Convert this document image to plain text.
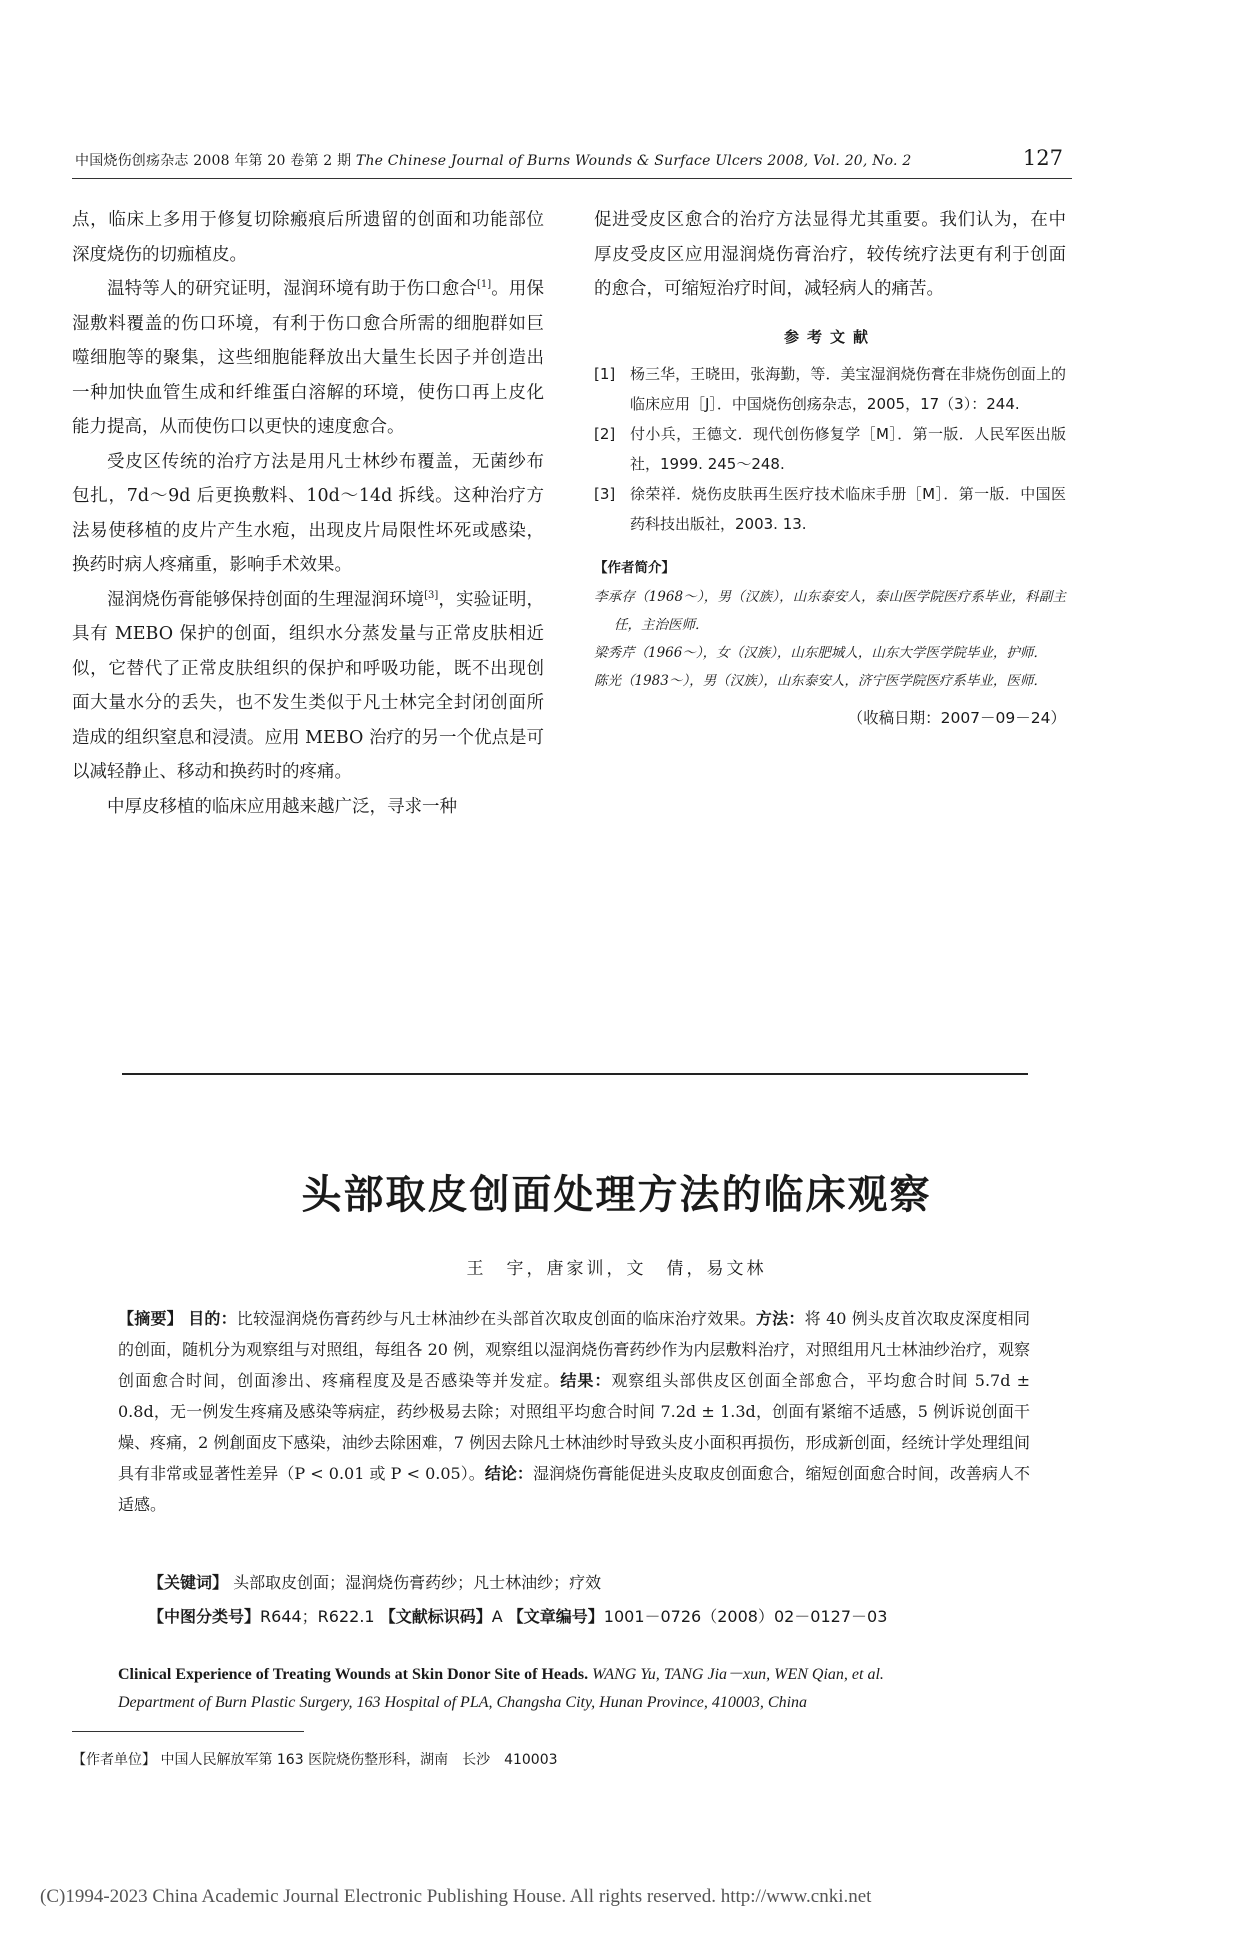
中国烧伤创疡杂志 2008 年第 20 卷第 2 期 The Chinese Journal of Burns Wounds & Surface Ulcers 2008, Vol. 20, No. 2	127

点，临床上多用于修复切除瘢痕后所遗留的创面和功能部位深度烧伤的切痂植皮。

温特等人的研究证明，湿润环境有助于伤口愈合[1]。用保湿敷料覆盖的伤口环境，有利于伤口愈合所需的细胞群如巨噬细胞等的聚集，这些细胞能释放出大量生长因子并创造出一种加快血管生成和纤维蛋白溶解的环境，使伤口再上皮化能力提高，从而使伤口以更快的速度愈合。

受皮区传统的治疗方法是用凡士林纱布覆盖，无菌纱布包扎，7d～9d 后更换敷料、10d～14d 拆线。这种治疗方法易使移植的皮片产生水疱，出现皮片局限性坏死或感染，换药时病人疼痛重，影响手术效果。

湿润烧伤膏能够保持创面的生理湿润环境[3]，实验证明，具有 MEBO 保护的创面，组织水分蒸发量与正常皮肤相近似，它替代了正常皮肤组织的保护和呼吸功能，既不出现创面大量水分的丢失，也不发生类似于凡士林完全封闭创面所造成的组织窒息和浸渍。应用 MEBO 治疗的另一个优点是可以减轻静止、移动和换药时的疼痛。

中厚皮移植的临床应用越来越广泛，寻求一种

促进受皮区愈合的治疗方法显得尤其重要。我们认为，在中厚皮受皮区应用湿润烧伤膏治疗，较传统疗法更有利于创面的愈合，可缩短治疗时间，减轻病人的痛苦。

参考文献
[1] 杨三华，王晓田，张海勤，等．美宝湿润烧伤膏在非烧伤创面上的临床应用［J］．中国烧伤创疡杂志，2005，17（3）：244.
[2] 付小兵，王德文．现代创伤修复学［M］．第一版．人民军医出版社，1999. 245～248.
[3] 徐荣祥．烧伤皮肤再生医疗技术临床手册［M］．第一版．中国医药科技出版社，2003. 13.
【作者简介】
李承存（1968～），男（汉族），山东泰安人，泰山医学院医疗系毕业，科副主任，主治医师．
梁秀芹（1966～），女（汉族），山东肥城人，山东大学医学院毕业，护师．
陈光（1983～），男（汉族），山东泰安人，济宁医学院医疗系毕业，医师．
（收稿日期：2007－09－24）
头部取皮创面处理方法的临床观察
王　宇，唐家训，文　倩，易文林
【摘要】 目的：比较湿润烧伤膏药纱与凡士林油纱在头部首次取皮创面的临床治疗效果。方法：将 40 例头皮首次取皮深度相同的创面，随机分为观察组与对照组，每组各 20 例，观察组以湿润烧伤膏药纱作为内层敷料治疗，对照组用凡士林油纱治疗，观察创面愈合时间，创面渗出、疼痛程度及是否感染等并发症。结果：观察组头部供皮区创面全部愈合，平均愈合时间 5.7d ± 0.8d，无一例发生疼痛及感染等病症，药纱极易去除；对照组平均愈合时间 7.2d ± 1.3d，创面有紧缩不适感，5 例诉说创面干燥、疼痛，2 例創面皮下感染，油纱去除困难，7 例因去除凡士林油纱时导致头皮小面积再损伤，形成新创面，经统计学处理组间具有非常或显著性差异（P < 0.01 或 P < 0.05）。结论：湿润烧伤膏能促进头皮取皮创面愈合，缩短创面愈合时间，改善病人不适感。
【关键词】 头部取皮创面；湿润烧伤膏药纱；凡士林油纱；疗效
【中图分类号】R644；R622.1 【文献标识码】A 【文章编号】1001－0726（2008）02－0127－03
Clinical Experience of Treating Wounds at Skin Donor Site of Heads. WANG Yu, TANG Jia－xun, WEN Qian, et al.
Department of Burn Plastic Surgery, 163 Hospital of PLA, Changsha City, Hunan Province, 410003, China
【作者单位】 中国人民解放军第 163 医院烧伤整形科，湖南　长沙　410003
(C)1994-2023 China Academic Journal Electronic Publishing House. All rights reserved. http://www.cnki.net
